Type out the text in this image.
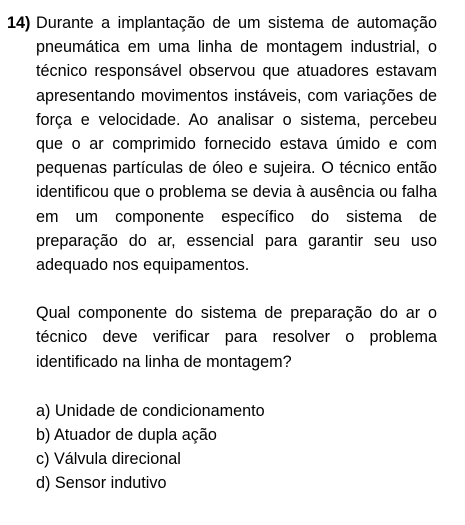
14) Durante a implantação de um sistema de automação pneumática em uma linha de montagem industrial, o técnico responsável observou que atuadores estavam apresentando movimentos instáveis, com variações de força e velocidade. Ao analisar o sistema, percebeu que o ar comprimido fornecido estava úmido e com pequenas partículas de óleo e sujeira. O técnico então identificou que o problema se devia à ausência ou falha em um componente específico do sistema de preparação do ar, essencial para garantir seu uso adequado nos equipamentos.

Qual componente do sistema de preparação do ar o técnico deve verificar para resolver o problema identificado na linha de montagem?

a) Unidade de condicionamento
b) Atuador de dupla ação
c) Válvula direcional
d) Sensor indutivo
